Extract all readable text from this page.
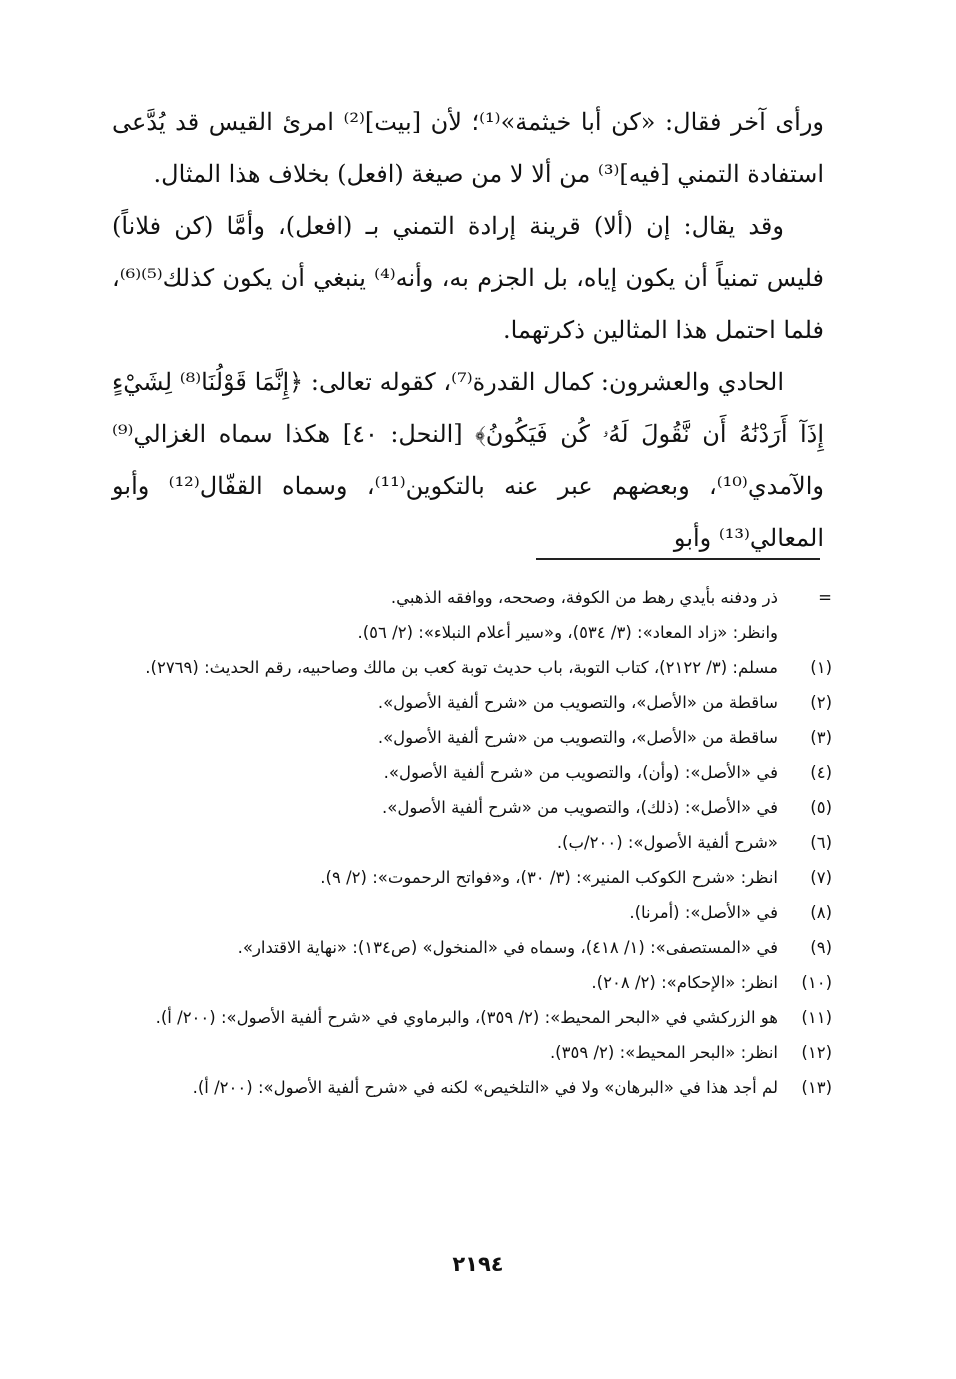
ورأى آخر فقال: «كن أبا خيثمة»⁽¹⁾؛ لأن [بيت]⁽²⁾ امرئ القيس قد يُدَّعى استفادة التمني [فيه]⁽³⁾ من ألا لا من صيغة (افعل) بخلاف هذا المثال.

وقد يقال: إن (ألا) قرينة إرادة التمني بـ (افعل)، وأمَّا (كن فلاناً) فليس تمنياً أن يكون إياه، بل الجزم به، وأنه⁽⁴⁾ ينبغي أن يكون كذلك⁽⁵⁾⁽⁶⁾، فلما احتمل هذا المثالين ذكرتهما.

الحادي والعشرون: كمال القدرة⁽⁷⁾، كقوله تعالى: ﴿إِنَّمَا قَوْلُنَا⁽⁸⁾ لِشَيْءٍ إِذَآ أَرَدْنَٰهُ أَن نَّقُولَ لَهُۥ كُن فَيَكُونُ﴾ [النحل: ٤٠] هكذا سماه الغزالي⁽⁹⁾ والآمدي⁽¹⁰⁾، وبعضهم عبر عنه بالتكوين⁽¹¹⁾، وسماه القفّال⁽¹²⁾ وأبو المعالي⁽¹³⁾ وأبو

=
ذر ودفنه بأيدي رهط من الكوفة، وصححه، ووافقه الذهبي.
وانظر: «زاد المعاد»: (٣/ ٥٣٤)، و«سير أعلام النبلاء»: (٢/ ٥٦).
(١)
مسلم: (٣/ ٢١٢٢)، كتاب التوبة، باب حديث توبة كعب بن مالك وصاحبيه، رقم الحديث: (٢٧٦٩).
(٢)
ساقطة من «الأصل»، والتصويب من «شرح ألفية الأصول».
(٣)
ساقطة من «الأصل»، والتصويب من «شرح ألفية الأصول».
(٤)
في «الأصل»: (وأن)، والتصويب من «شرح ألفية الأصول».
(٥)
في «الأصل»: (ذلك)، والتصويب من «شرح ألفية الأصول».
(٦)
«شرح ألفية الأصول»: (٢٠٠/ب).
(٧)
انظر: «شرح الكوكب المنير»: (٣/ ٣٠)، و«فواتح الرحموت»: (٢/ ٩).
(٨)
في «الأصل»: (أمرنا).
(٩)
في «المستصفى»: (١/ ٤١٨)، وسماه في «المنخول» (ص١٣٤): «نهاية الاقتدار».
(١٠)
انظر: «الإحكام»: (٢/ ٢٠٨).
(١١)
هو الزركشي في «البحر المحيط»: (٢/ ٣٥٩)، والبرماوي في «شرح ألفية الأصول»: (٢٠٠/ أ).
(١٢)
انظر: «البحر المحيط»: (٢/ ٣٥٩).
(١٣)
لم أجد هذا في «البرهان» ولا في «التلخيص» لكنه في «شرح ألفية الأصول»: (٢٠٠/ أ).
٢١٩٤
